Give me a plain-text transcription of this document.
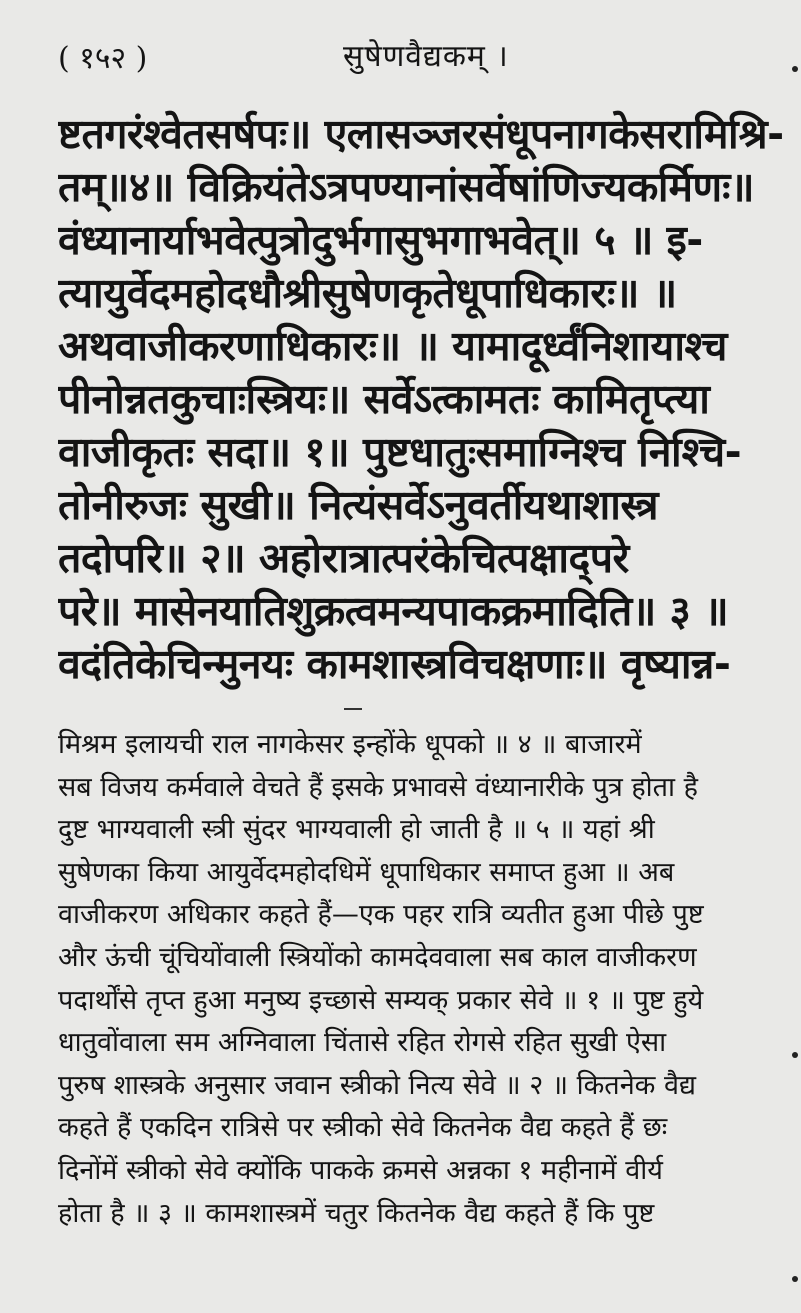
( १५२ )	सुषेणवैद्यकम् ।
ष्टतगरंश्वेतसर्षपः॥ एलासञ्जरसंधूपनागकेसरामिश्रि-
तम्॥४॥ विक्रियंतेऽत्रपण्यानांसर्वेषांणिज्यकर्मिणः॥
वंध्यानार्याभवेत्पुत्रोदुर्भगासुभगाभवेत्॥ ५ ॥ इ-
त्यायुर्वेदमहोदधौश्रीसुषेणकृतेधूपाधिकारः॥ ॥
अथवाजीकरणाधिकारः॥ ॥ यामादूर्ध्वंनिशायाश्च
पीनोन्नतकुचाःस्त्रियः॥ सर्वेऽत्कामतः कामितृप्त्या
वाजीकृतः सदा॥ १॥ पुष्टधातुःसमाग्निश्च निश्चि-
तोनीरुजः सुखी॥ नित्यंसर्वेऽनुवर्तीयथाशास्त्र
तदोपरि॥ २॥ अहोरात्रात्परंकेचित्पक्षाद्परे
परे॥ मासेनयातिशुक्रत्वमन्यपाकक्रमादिति॥ ३ ॥
वदंतिकेचिन्मुनयः कामशास्त्रविचक्षणाः॥ वृष्यान्न-
मिश्रम इलायची राल नागकेसर इन्होंके धूपको ॥ ४ ॥ बाजारमें
सब विजय कर्मवाले वेचते हैं इसके प्रभावसे वंध्यानारीके पुत्र होता है
दुष्ट भाग्यवाली स्त्री सुंदर भाग्यवाली हो जाती है ॥ ५ ॥ यहां श्री
सुषेणका किया आयुर्वेदमहोदधिमें धूपाधिकार समाप्त हुआ ॥ अब
वाजीकरण अधिकार कहते हैं—एक पहर रात्रि व्यतीत हुआ पीछे पुष्ट
और ऊंची चूंचियोंवाली स्त्रियोंको कामदेववाला सब काल वाजीकरण
पदार्थोंसे तृप्त हुआ मनुष्य इच्छासे सम्यक् प्रकार सेवे ॥ १ ॥ पुष्ट हुये
धातुवोंवाला सम अग्निवाला चिंतासे रहित रोगसे रहित सुखी ऐसा
पुरुष शास्त्रके अनुसार जवान स्त्रीको नित्य सेवे ॥ २ ॥ कितनेक वैद्य
कहते हैं एकदिन रात्रिसे पर स्त्रीको सेवे कितनेक वैद्य कहते हैं छः
दिनोंमें स्त्रीको सेवे क्योंकि पाकके क्रमसे अन्नका १ महीनामें वीर्य
होता है ॥ ३ ॥ कामशास्त्रमें चतुर कितनेक वैद्य कहते हैं कि पुष्ट
